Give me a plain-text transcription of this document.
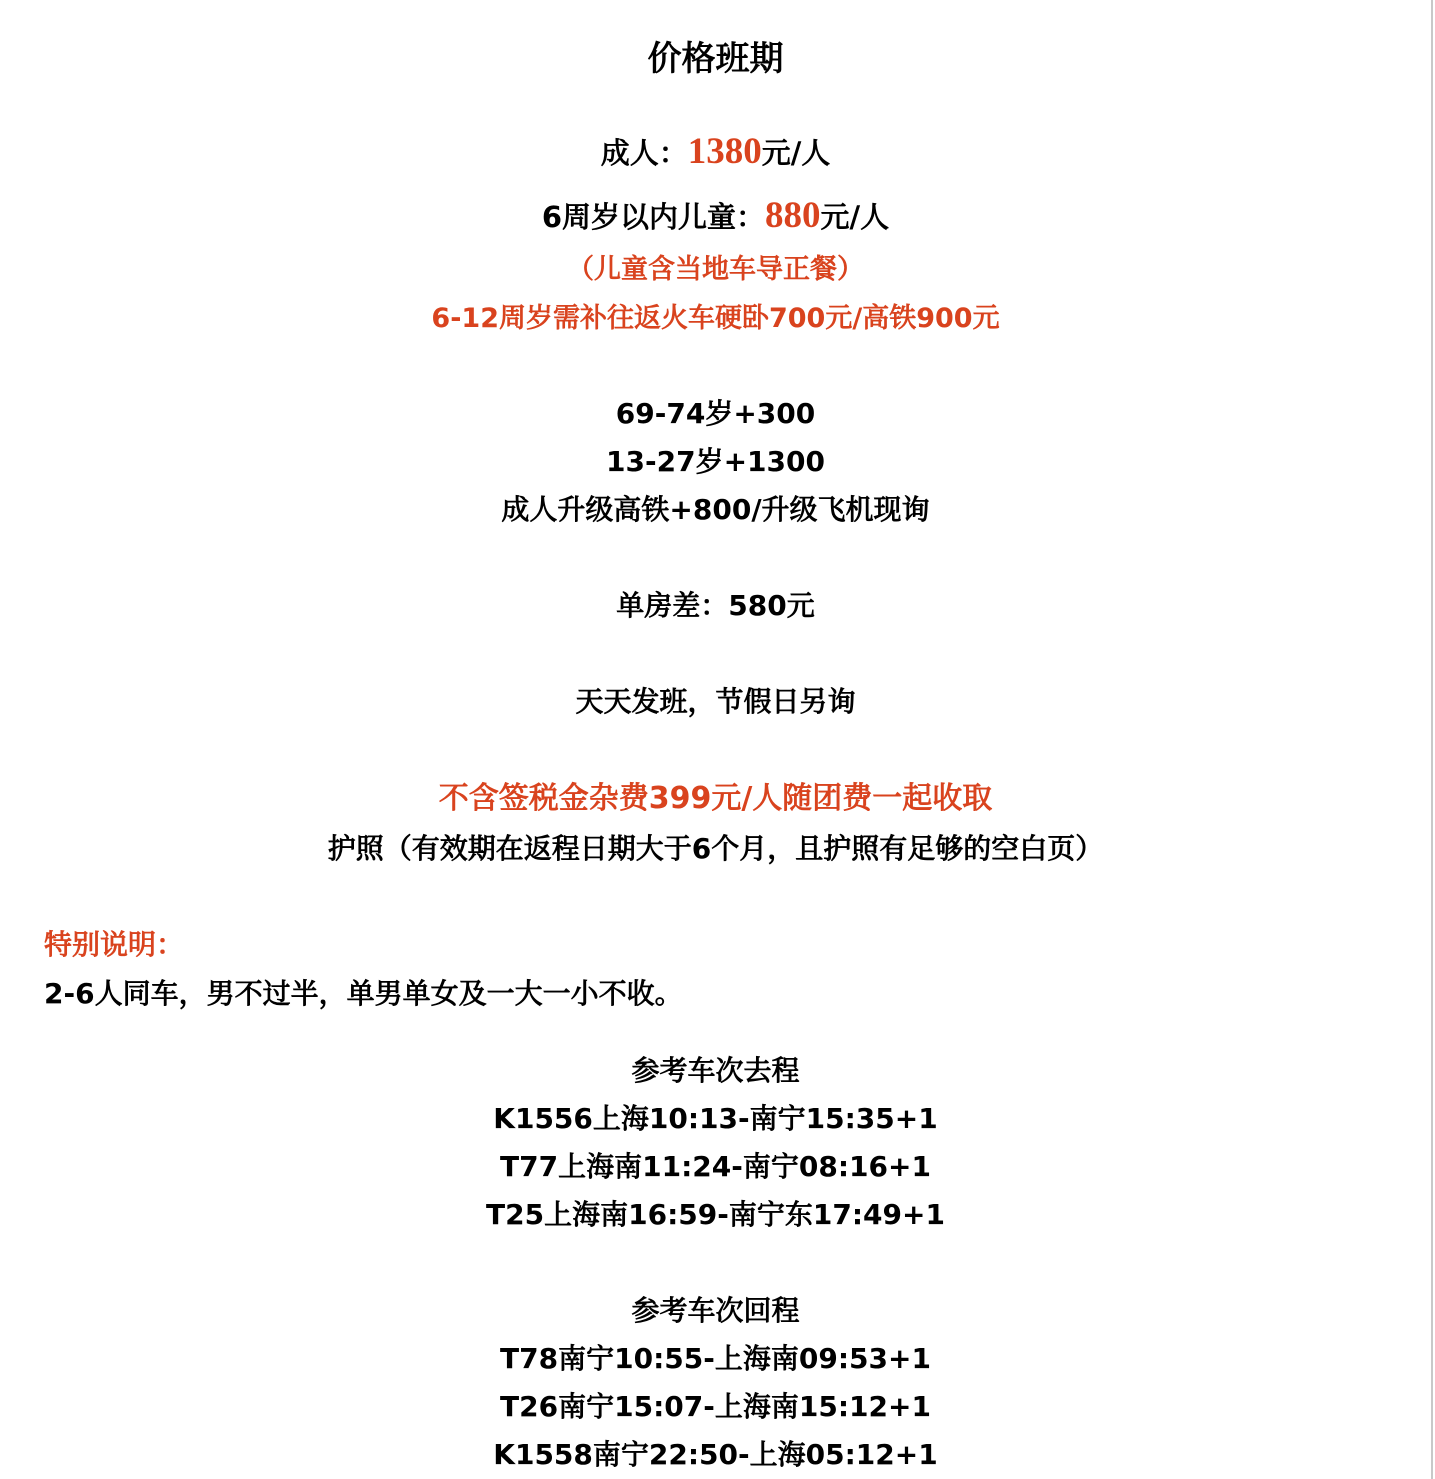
价格班期
成人：1380元/人
6周岁以内儿童：880元/人
（儿童含当地车导正餐）
6-12周岁需补往返火车硬卧700元/高铁900元
69-74岁+300
13-27岁+1300
成人升级高铁+800/升级飞机现询
单房差：580元
天天发班，节假日另询
不含签税金杂费399元/人随团费一起收取
护照（有效期在返程日期大于6个月，且护照有足够的空白页）
特别说明：
2-6人同车，男不过半，单男单女及一大一小不收。
参考车次去程
K1556上海10:13-南宁15:35+1
T77上海南11:24-南宁08:16+1
T25上海南16:59-南宁东17:49+1
参考车次回程
T78南宁10:55-上海南09:53+1
T26南宁15:07-上海南15:12+1
K1558南宁22:50-上海05:12+1
